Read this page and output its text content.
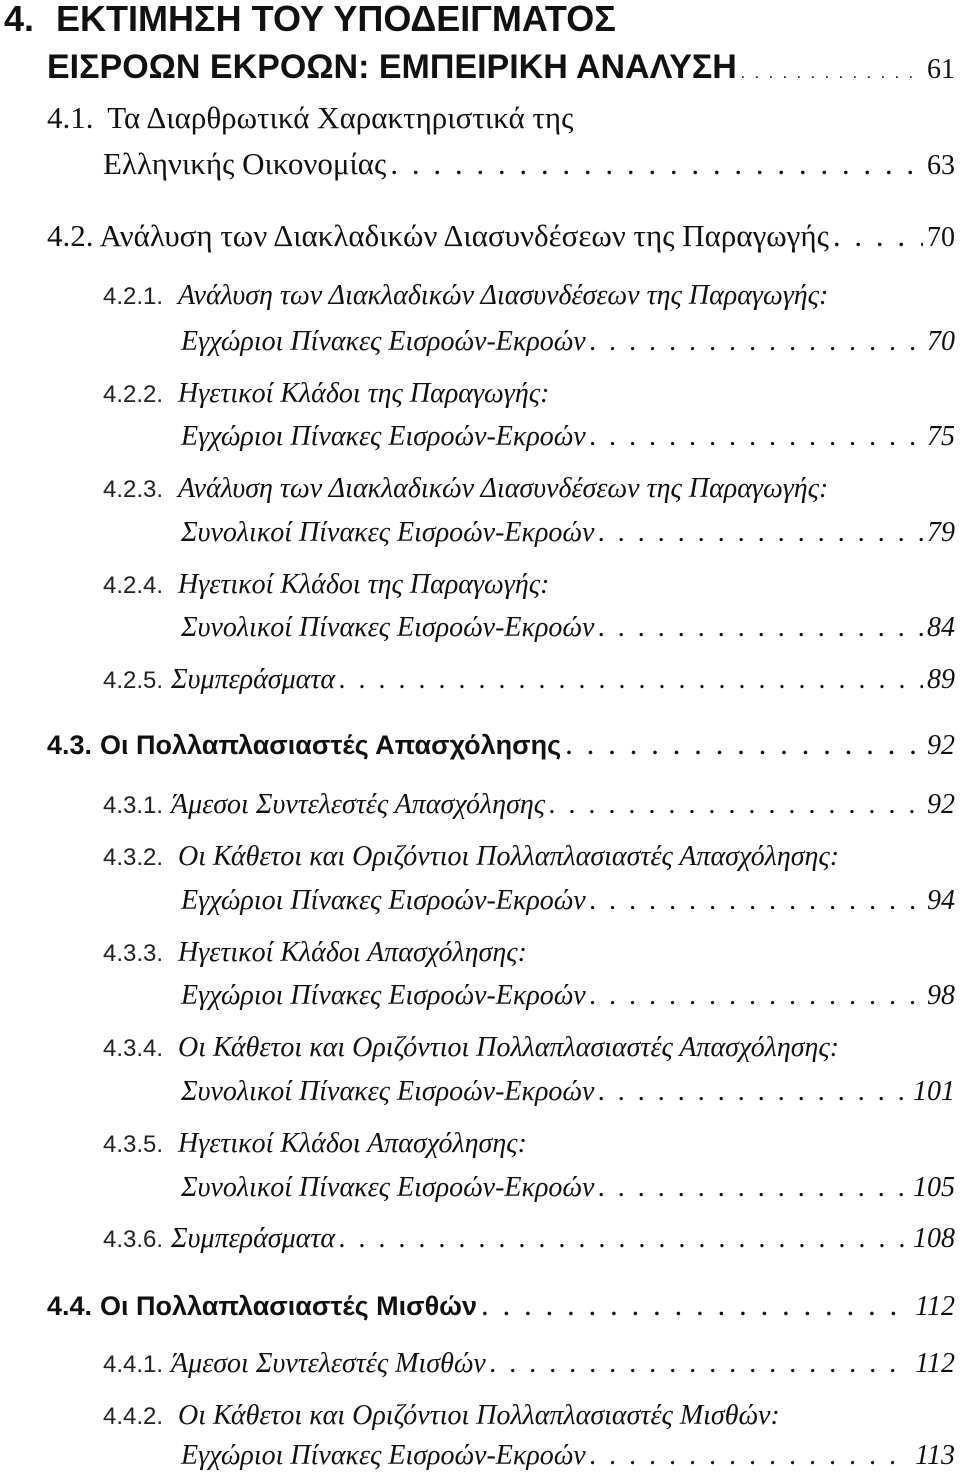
4. ΕΚΤΙΜΗΣΗ ΤΟΥ ΥΠΟΔΕΙΓΜΑΤΟΣ
ΕΙΣΡΟΩΝ ΕΚΡΟΩΝ: ΕΜΠΕΙΡΙΚΗ ΑΝΑΛΥΣΗ . . .	61
4.1. Τα Διαρθρωτικά Χαρακτηριστικά της
Ελληνικής Οικονομίας . . .	63
4.2. Ανάλυση των Διακλαδικών Διασυνδέσεων της Παραγωγής . . .	70
4.2.1. Ανάλυση των Διακλαδικών Διασυνδέσεων της Παραγωγής:
Εγχώριοι Πίνακες Εισροών-Εκροών . . .	70
4.2.2. Ηγετικοί Κλάδοι της Παραγωγής:
Εγχώριοι Πίνακες Εισροών-Εκροών . . .	75
4.2.3. Ανάλυση των Διακλαδικών Διασυνδέσεων της Παραγωγής:
Συνολικοί Πίνακες Εισροών-Εκροών . . .	79
4.2.4. Ηγετικοί Κλάδοι της Παραγωγής:
Συνολικοί Πίνακες Εισροών-Εκροών . . .	84
4.2.5. Συμπεράσματα . . .	89
4.3. Οι Πολλαπλασιαστές Απασχόλησης . . .	92
4.3.1. Άμεσοι Συντελεστές Απασχόλησης . . .	92
4.3.2. Οι Κάθετοι και Οριζόντιοι Πολλαπλασιαστές Απασχόλησης:
Εγχώριοι Πίνακες Εισροών-Εκροών . . .	94
4.3.3. Ηγετικοί Κλάδοι Απασχόλησης:
Εγχώριοι Πίνακες Εισροών-Εκροών . . .	98
4.3.4. Οι Κάθετοι και Οριζόντιοι Πολλαπλασιαστές Απασχόλησης:
Συνολικοί Πίνακες Εισροών-Εκροών . . .	101
4.3.5. Ηγετικοί Κλάδοι Απασχόλησης:
Συνολικοί Πίνακες Εισροών-Εκροών . . .	105
4.3.6. Συμπεράσματα . . .	108
4.4. Οι Πολλαπλασιαστές Μισθών . . .	112
4.4.1. Άμεσοι Συντελεστές Μισθών . . .	112
4.4.2. Οι Κάθετοι και Οριζόντιοι Πολλαπλασιαστές Μισθών:
Εγχώριοι Πίνακες Εισροών-Εκροών . . .	113
